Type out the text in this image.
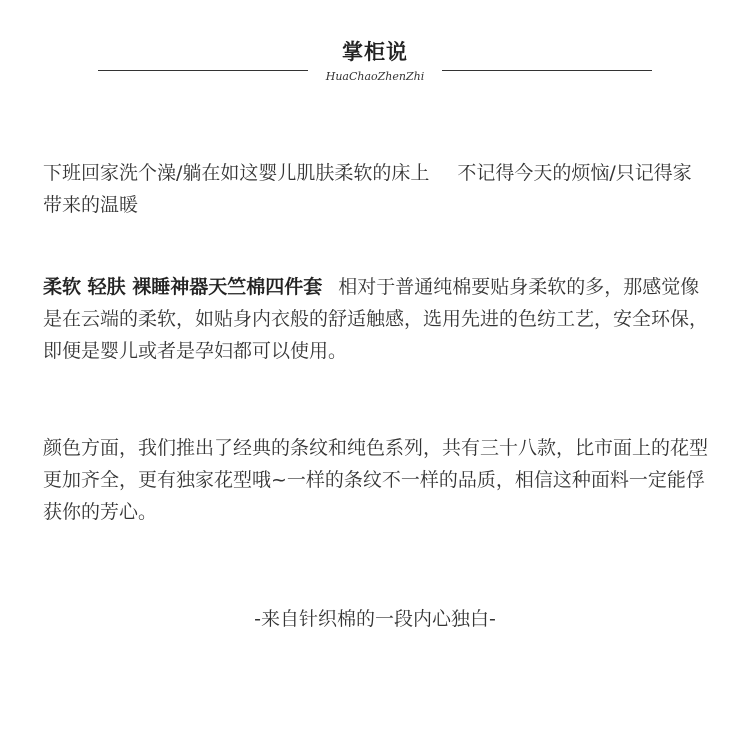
掌柜说
HuaChaoZhenZhi

下班回家洗个澡/躺在如这婴儿肌肤柔软的床上 不记得今天的烦恼/只记得家带来的温暖

柔软 轻肤 裸睡神器天竺棉四件套 相对于普通纯棉要贴身柔软的多，那感觉像是在云端的柔软，如贴身内衣般的舒适触感，选用先进的色纺工艺，安全环保，即便是婴儿或者是孕妇都可以使用。

颜色方面，我们推出了经典的条纹和纯色系列，共有三十八款，比市面上的花型更加齐全，更有独家花型哦~一样的条纹不一样的品质，相信这种面料一定能俘获你的芳心。

-来自针织棉的一段内心独白-
